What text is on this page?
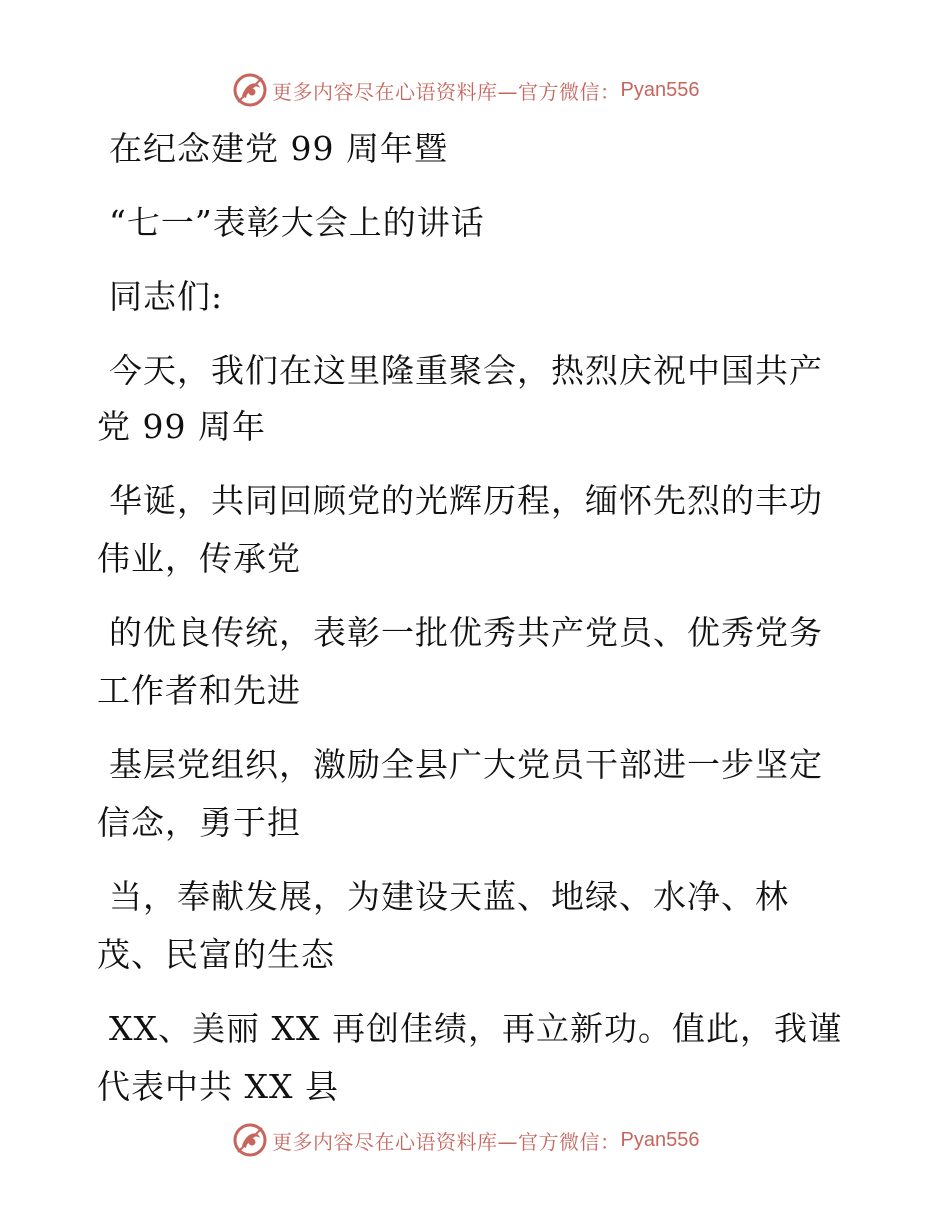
更多内容尽在心语资料库—官方微信： Pyan556
在纪念建党 99 周年暨
“七一”表彰大会上的讲话
同志们:
今天，我们在这里隆重聚会，热烈庆祝中国共产
党 99 周年
华诞，共同回顾党的光辉历程，缅怀先烈的丰功
伟业，传承党
的优良传统，表彰一批优秀共产党员、优秀党务
工作者和先进
基层党组织，激励全县广大党员干部进一步坚定
信念，勇于担
当，奉献发展，为建设天蓝、地绿、水净、林
茂、民富的生态
XX、美丽 XX 再创佳绩，再立新功。值此，我谨
代表中共 XX 县
更多内容尽在心语资料库—官方微信： Pyan556
